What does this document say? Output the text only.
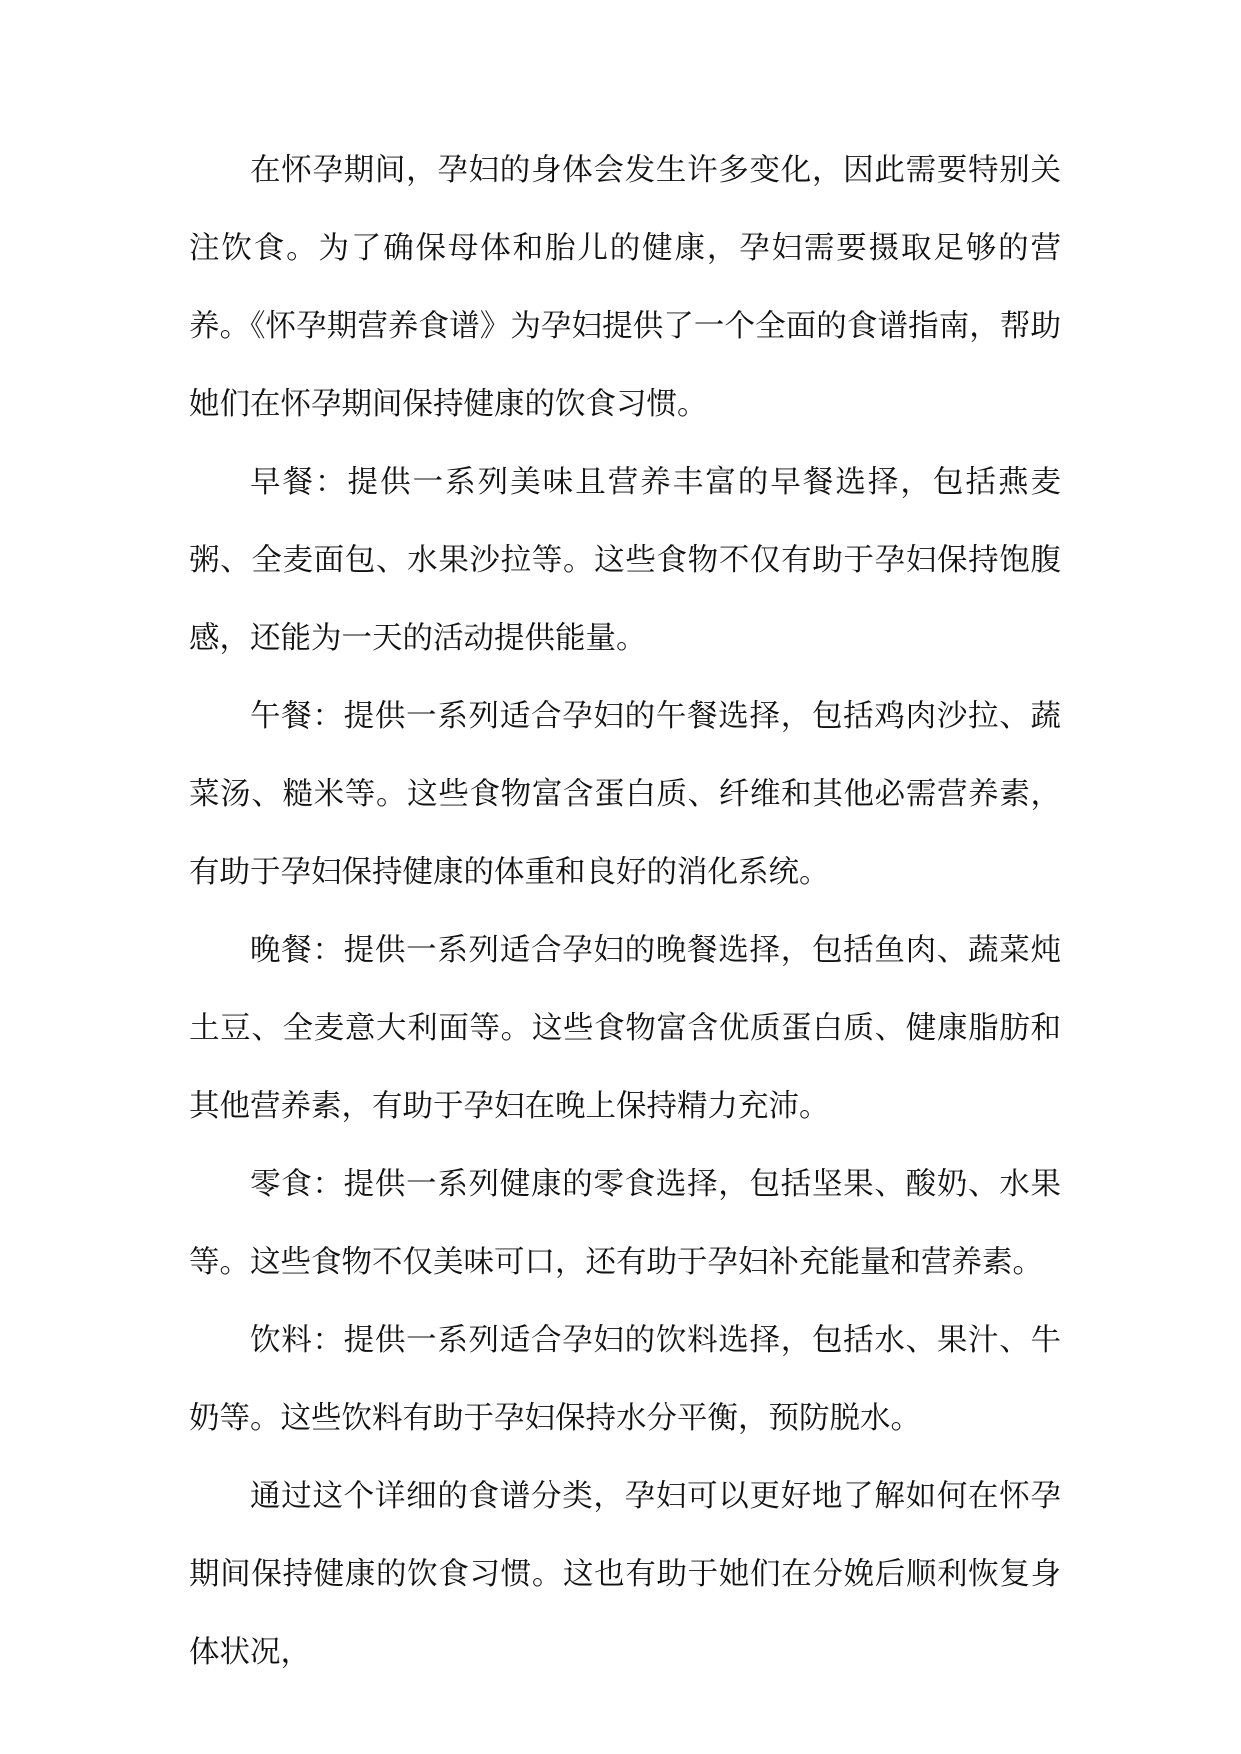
在怀孕期间，孕妇的身体会发生许多变化，因此需要特别关注饮食。为了确保母体和胎儿的健康，孕妇需要摄取足够的营养。《怀孕期营养食谱》为孕妇提供了一个全面的食谱指南，帮助她们在怀孕期间保持健康的饮食习惯。

早餐：提供一系列美味且营养丰富的早餐选择，包括燕麦粥、全麦面包、水果沙拉等。这些食物不仅有助于孕妇保持饱腹感，还能为一天的活动提供能量。

午餐：提供一系列适合孕妇的午餐选择，包括鸡肉沙拉、蔬菜汤、糙米等。这些食物富含蛋白质、纤维和其他必需营养素，有助于孕妇保持健康的体重和良好的消化系统。

晚餐：提供一系列适合孕妇的晚餐选择，包括鱼肉、蔬菜炖土豆、全麦意大利面等。这些食物富含优质蛋白质、健康脂肪和其他营养素，有助于孕妇在晚上保持精力充沛。

零食：提供一系列健康的零食选择，包括坚果、酸奶、水果等。这些食物不仅美味可口，还有助于孕妇补充能量和营养素。

饮料：提供一系列适合孕妇的饮料选择，包括水、果汁、牛奶等。这些饮料有助于孕妇保持水分平衡，预防脱水。

通过这个详细的食谱分类，孕妇可以更好地了解如何在怀孕期间保持健康的饮食习惯。这也有助于她们在分娩后顺利恢复身体状况，
